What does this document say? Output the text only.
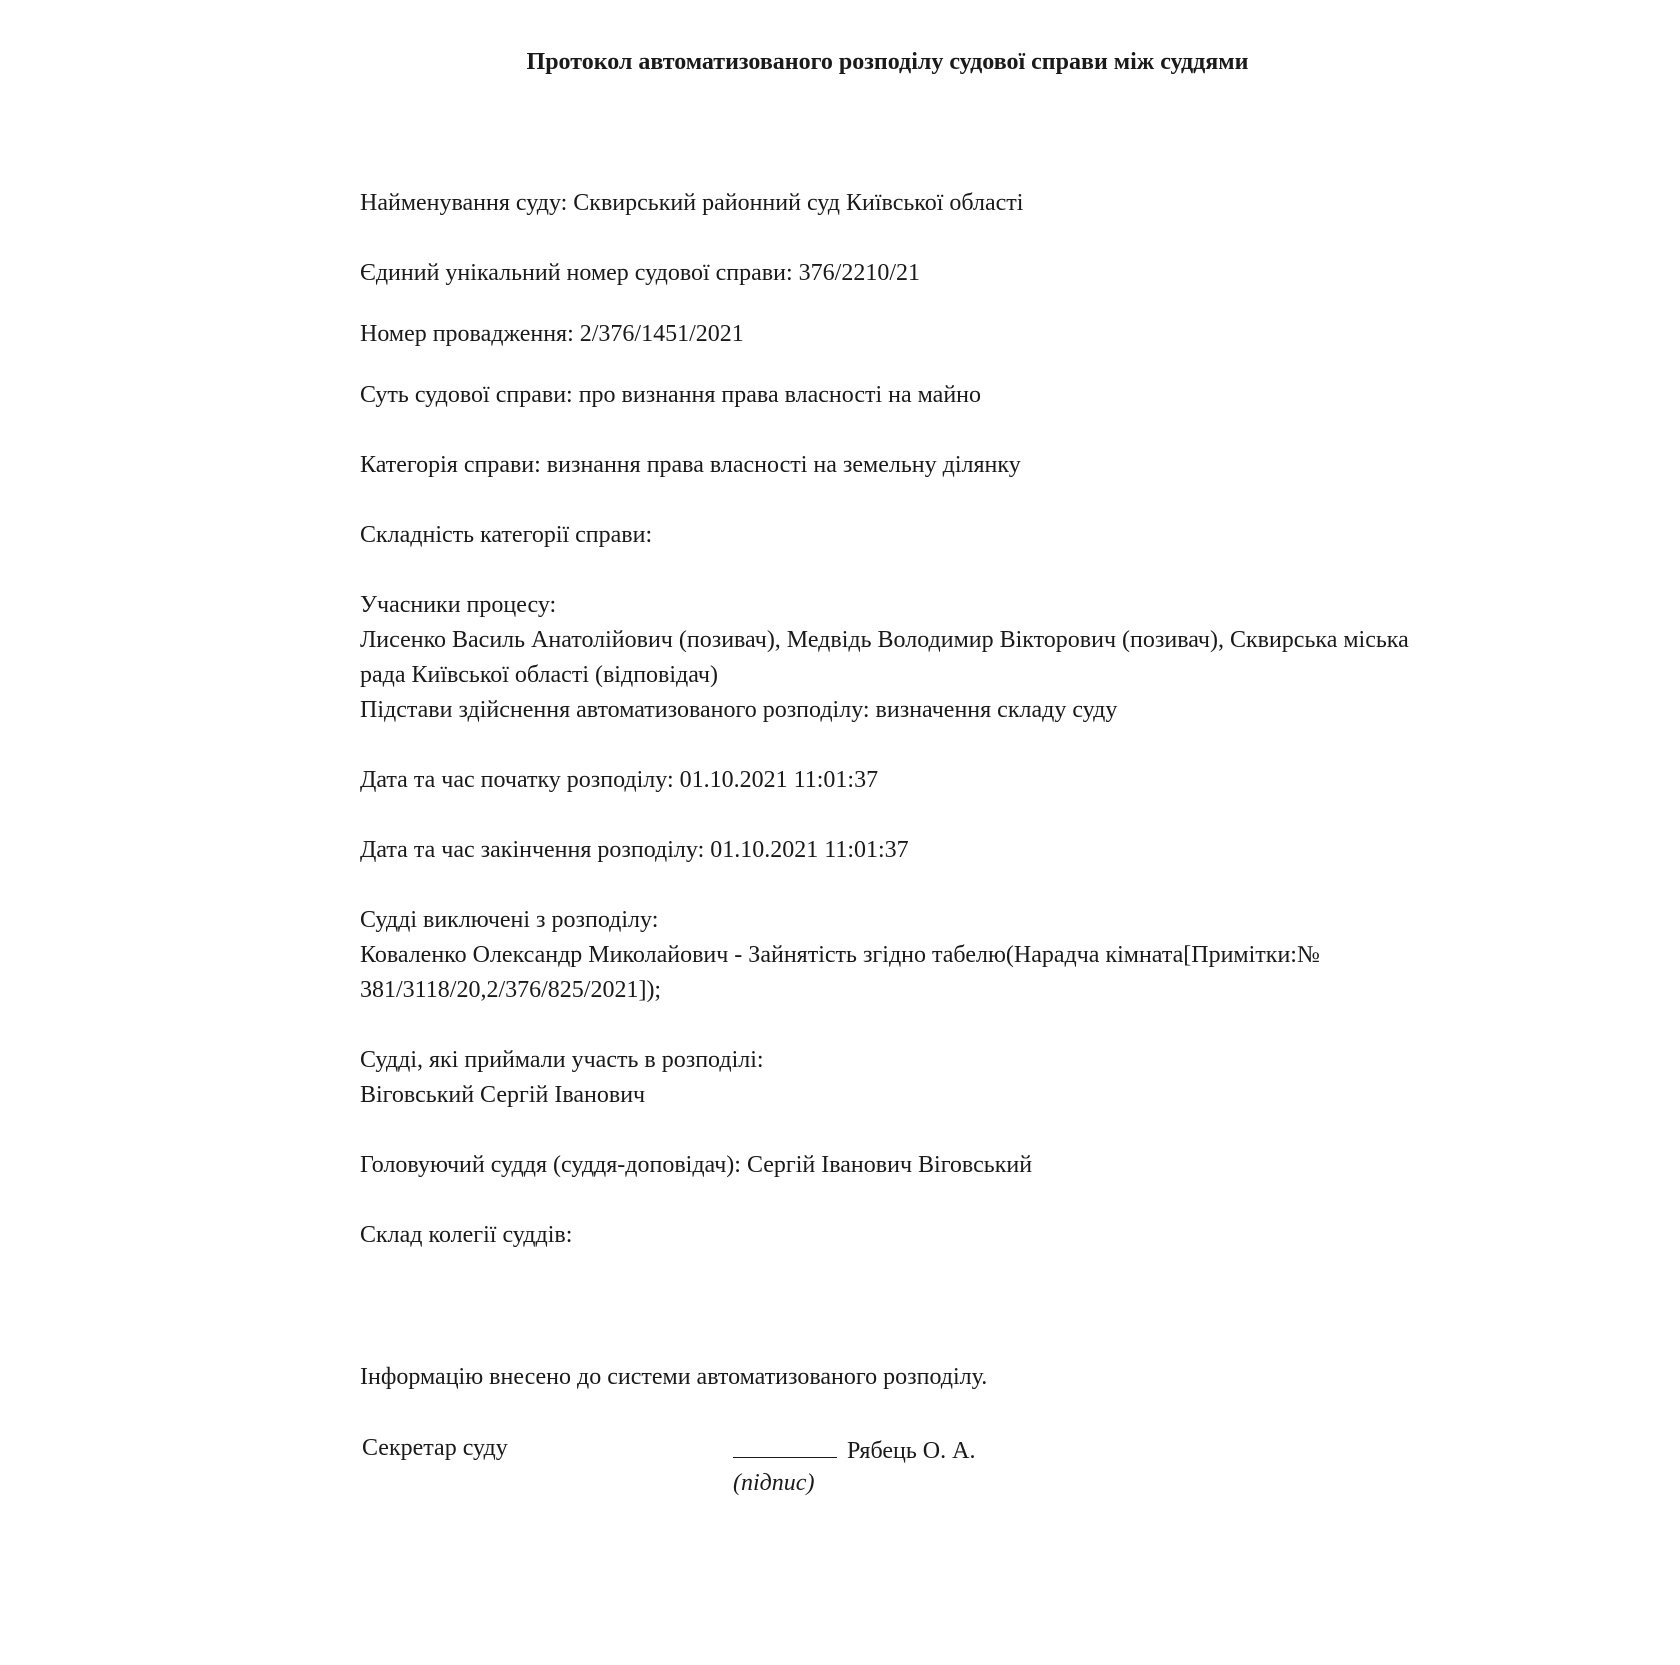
Протокол автоматизованого розподілу судової справи між суддями
Найменування суду: Сквирський районний суд Київської області
Єдиний унікальний номер судової справи: 376/2210/21
Номер провадження: 2/376/1451/2021
Суть судової справи: про визнання права власності на майно
Категорія справи: визнання права власності на земельну ділянку
Складність категорії справи:
Учасники процесу:
Лисенко Василь Анатолійович (позивач), Медвідь Володимир Вікторович (позивач), Сквирська міська
рада Київської області (відповідач)
Підстави здійснення автоматизованого розподілу: визначення складу суду
Дата та час початку розподілу: 01.10.2021 11:01:37
Дата та час закінчення розподілу: 01.10.2021 11:01:37
Судді виключені з розподілу:
Коваленко Олександр Миколайович - Зайнятість згідно табелю(Нарадча кімната[Примітки:№
381/3118/20,2/376/825/2021]);
Судді, які приймали участь в розподілі:
Віговський Сергій Іванович
Головуючий суддя (суддя-доповідач): Сергій Іванович Віговський
Склад колегії суддів:
Інформацію внесено до системи автоматизованого розподілу.
Секретар суду	Рябець О. А.
(підпис)
